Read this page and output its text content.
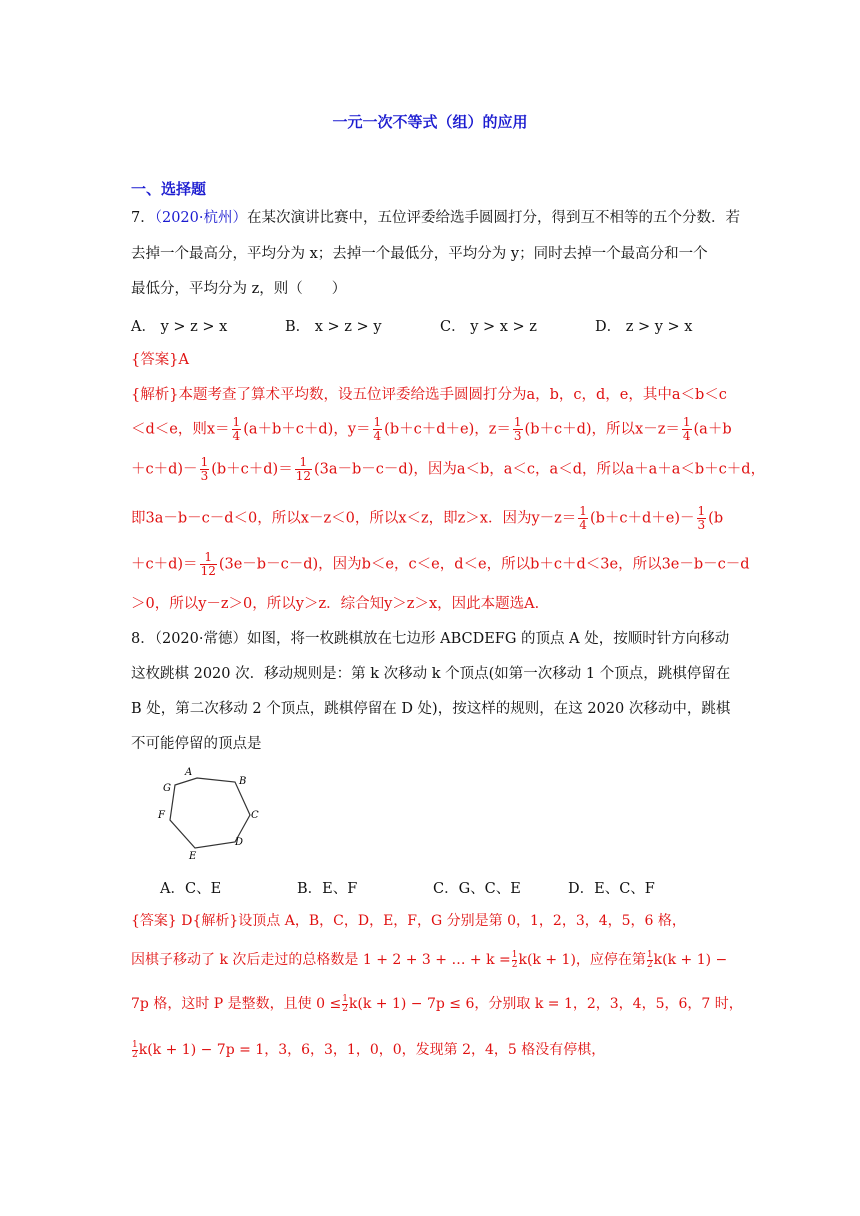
一元一次不等式（组）的应用
一、选择题
7．（2020·杭州）在某次演讲比赛中，五位评委给选手圆圆打分，得到互不相等的五个分数．若
去掉一个最高分，平均分为 x；去掉一个最低分，平均分为 y；同时去掉一个最高分和一个
最低分，平均分为 z，则（　　）
A． y > z > x	B． x > z > y	C． y > x > z	D． z > y > x
{答案}A
{解析}本题考查了算术平均数，设五位评委给选手圆圆打分为a，b，c，d，e，其中a＜b＜c
＜d＜e，则$x= \frac{1}{4} (a+b+c+d)$，$y= \frac{1}{4} (b+c+d+e)$，$z= \frac{1}{3} (b+c+d)$，所以$x-z= \frac{1}{4} (a+b$
$+c+d)- \frac{1}{3} (b+c+d)= \frac{1}{12} (3a-b-c-d)$，因为a＜b，a＜c，a＜d，所以a＋a＋a＜b＋c＋d，
即3a－b－c－d＜0，所以x－z＜0，所以x＜z，即z＞x．因为$y-z= \frac{1}{4} (b+c+d+e)- \frac{1}{3} (b$
$+c+d)= \frac{1}{12} (3e-b-c-d)$，因为b＜e，c＜e，d＜e，所以b＋c＋d＜3e，所以3e－b－c－d
＞0，所以y－z＞0，所以y＞z．综合知y＞z＞x，因此本题选A．
8．（2020·常德）如图，将一枚跳棋放在七边形 ABCDEFG 的顶点 A 处，按顺时针方向移动
这枚跳棋 2020 次．移动规则是：第 k 次移动 k 个顶点(如第一次移动 1 个顶点，跳棋停留在
B 处，第二次移动 2 个顶点，跳棋停留在 D 处)，按这样的规则，在这 2020 次移动中，跳棋
不可能停留的顶点是
A
B
C
D
E
F
G
A．C、E	B．E、F	C．G、C、E	D．E、C、F
{答案} D{解析}设顶点 A，B，C，D，E，F，G 分别是第 0，1，2，3，4，5，6 格，
因棋子移动了 k 次后走过的总格数是 1 + 2 + 3 + … + $k = \frac{1}{2}k(k + 1)$，应停在第 $\frac{1}{2}k(k + 1)$ −
7p 格，这时 P 是整数，且使 $0 \le \frac{1}{2}k(k + 1) - 7p \le 6$，分别取 k = 1，2，3，4，5，6，7 时，
$\frac{1}{2}k(k + 1) - 7p = 1$，3，6，3，1，0，0，发现第 2，4，5 格没有停棋，
